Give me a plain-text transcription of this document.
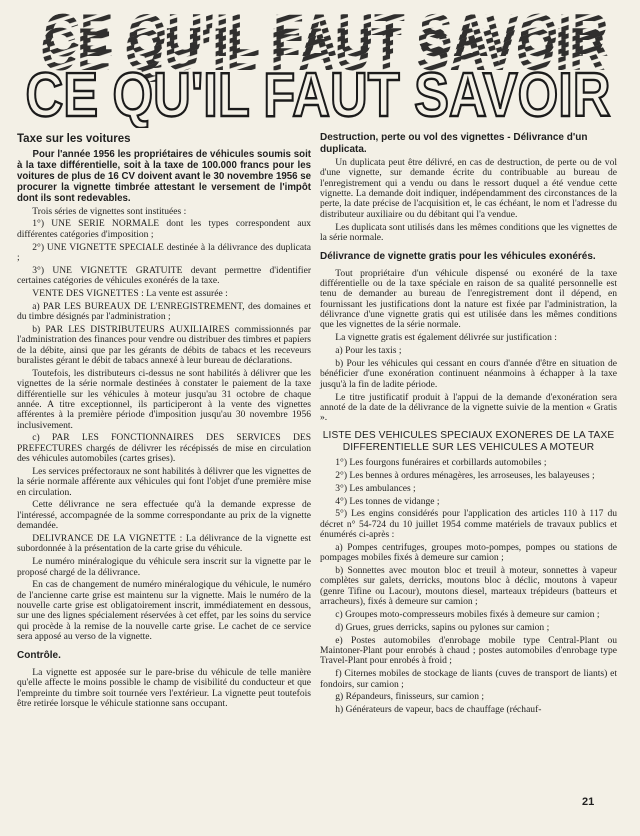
CE QU'IL FAUT SAVOIR
CE QU'IL FAUT SAVOIR
CE QU'IL FAUT SAVOIR
Taxe sur les voitures

Pour l'année 1956 les propriétaires de véhicules soumis soit à la taxe différentielle, soit à la taxe de 100.000 francs pour les voitures de plus de 16 CV doivent avant le 30 novembre 1956 se procurer la vignette timbrée attestant le versement de l'impôt dont ils sont redevables.

Trois séries de vignettes sont instituées :

1°) UNE SERIE NORMALE dont les types correspondent aux différentes catégories d'imposition ;

2°) UNE VIGNETTE SPECIALE destinée à la délivrance des duplicata ;

3°) UNE VIGNETTE GRATUITE devant permettre d'identifier certaines catégories de véhicules exonérés de la taxe.

VENTE DES VIGNETTES : La vente est assurée :

a) PAR LES BUREAUX DE L'ENREGISTREMENT, des domaines et du timbre désignés par l'administration ;

b) PAR LES DISTRIBUTEURS AUXILIAIRES commissionnés par l'administration des finances pour vendre ou distribuer des timbres et papiers de la débite, ainsi que par les gérants de débits de tabacs et les receveurs buralistes gérant le débit de tabacs annexé à leur bureau de déclarations.

Toutefois, les distributeurs ci-dessus ne sont habilités à délivrer que les vignettes de la série normale destinées à constater le paiement de la taxe différentielle sur les véhicules à moteur jusqu'au 31 octobre de chaque année. A titre exceptionnel, ils participeront à la vente des vignettes afférentes à la première période d'imposition jusqu'au 30 novembre 1956 inclusivement.

c) PAR LES FONCTIONNAIRES DES SERVICES DES PREFECTURES chargés de délivrer les récépissés de mise en circulation des véhicules automobiles (cartes grises).

Les services préfectoraux ne sont habilités à délivrer que les vignettes de la série normale afférente aux véhicules qui font l'objet d'une première mise en circulation.

Cette délivrance ne sera effectuée qu'à la demande expresse de l'intéressé, accompagnée de la somme correspondante au prix de la vignette demandée.

DELIVRANCE DE LA VIGNETTE : La délivrance de la vignette est subordonnée à la présentation de la carte grise du véhicule.

Le numéro minéralogique du véhicule sera inscrit sur la vignette par le proposé chargé de la délivrance.

En cas de changement de numéro minéralogique du véhicule, le numéro de l'ancienne carte grise est maintenu sur la vignette. Mais le numéro de la nouvelle carte grise est obligatoirement inscrit, immédiatement en dessous, sur une des lignes spécialement réservées à cet effet, par les soins du service qui procède à la remise de la nouvelle carte grise. Le cachet de ce service sera apposé au verso de la vignette.

Contrôle.

La vignette est apposée sur le pare-brise du véhicule de telle manière qu'elle affecte le moins possible le champ de visibilité du conducteur et que l'empreinte du timbre soit tournée vers l'extérieur. La vignette peut toutefois être retirée lorsque le véhicule stationne sans occupant.

Destruction, perte ou vol des vignettes - Délivrance d'un duplicata.

Un duplicata peut être délivré, en cas de destruction, de perte ou de vol d'une vignette, sur demande écrite du contribuable au bureau de l'enregistrement qui a vendu ou dans le ressort duquel a été vendue cette vignette. La demande doit indiquer, indépendamment des circonstances de la perte, la date précise de l'acquisition et, le cas échéant, le nom et l'adresse du distributeur auxiliaire ou du débitant qui l'a vendue.

Les duplicata sont utilisés dans les mêmes conditions que les vignettes de la série normale.

Délivrance de vignette gratis pour les véhicules exonérés.

Tout propriétaire d'un véhicule dispensé ou exonéré de la taxe différentielle ou de la taxe spéciale en raison de sa qualité personnelle est tenu de demander au bureau de l'enregistrement dont il dépend, en fournissant les justifications dont la nature est fixée par l'administration, la délivrance d'une vignette gratis qui est utilisée dans les mêmes conditions que les vignettes de la série normale.

La vignette gratis est également délivrée sur justification :

a) Pour les taxis ;

b) Pour les véhicules qui cessant en cours d'année d'être en situation de bénéficier d'une exonération continuent néanmoins à échapper à la taxe jusqu'à la fin de ladite période.

Le titre justificatif produit à l'appui de la demande d'exonération sera annoté de la date de la délivrance de la vignette suivie de la mention « Gratis ».

LISTE DES VEHICULES SPECIAUX EXONERES DE LA TAXE DIFFERENTIELLE SUR LES VEHICULES A MOTEUR

1°) Les fourgons funéraires et corbillards automobiles ;

2°) Les bennes à ordures ménagères, les arroseuses, les balayeuses ;

3°) Les ambulances ;

4°) Les tonnes de vidange ;

5°) Les engins considérés pour l'application des articles 110 à 117 du décret n° 54-724 du 10 juillet 1954 comme matériels de travaux publics et énumérés ci-après :

a) Pompes centrifuges, groupes moto-pompes, pompes ou stations de pompages mobiles fixés à demeure sur camion ;

b) Sonnettes avec mouton bloc et treuil à moteur, sonnettes à vapeur complètes sur galets, derricks, moutons bloc à déclic, moutons à vapeur (genre Tifine ou Lacour), moutons diesel, marteaux trépideurs (batteurs et arracheurs), fixés à demeure sur camion ;

c) Groupes moto-compresseurs mobiles fixés à demeure sur camion ;

d) Grues, grues derricks, sapins ou pylones sur camion ;

e) Postes automobiles d'enrobage mobile type Central-Plant ou Maintoner-Plant pour enrobés à chaud ; postes automobiles d'enrobage type Travel-Plant pour enrobés à froid ;

f) Citernes mobiles de stockage de liants (cuves de transport de liants) et fondoirs, sur camion ;

g) Répandeurs, finisseurs, sur camion ;

h) Générateurs de vapeur, bacs de chauffage (réchauf-

21
